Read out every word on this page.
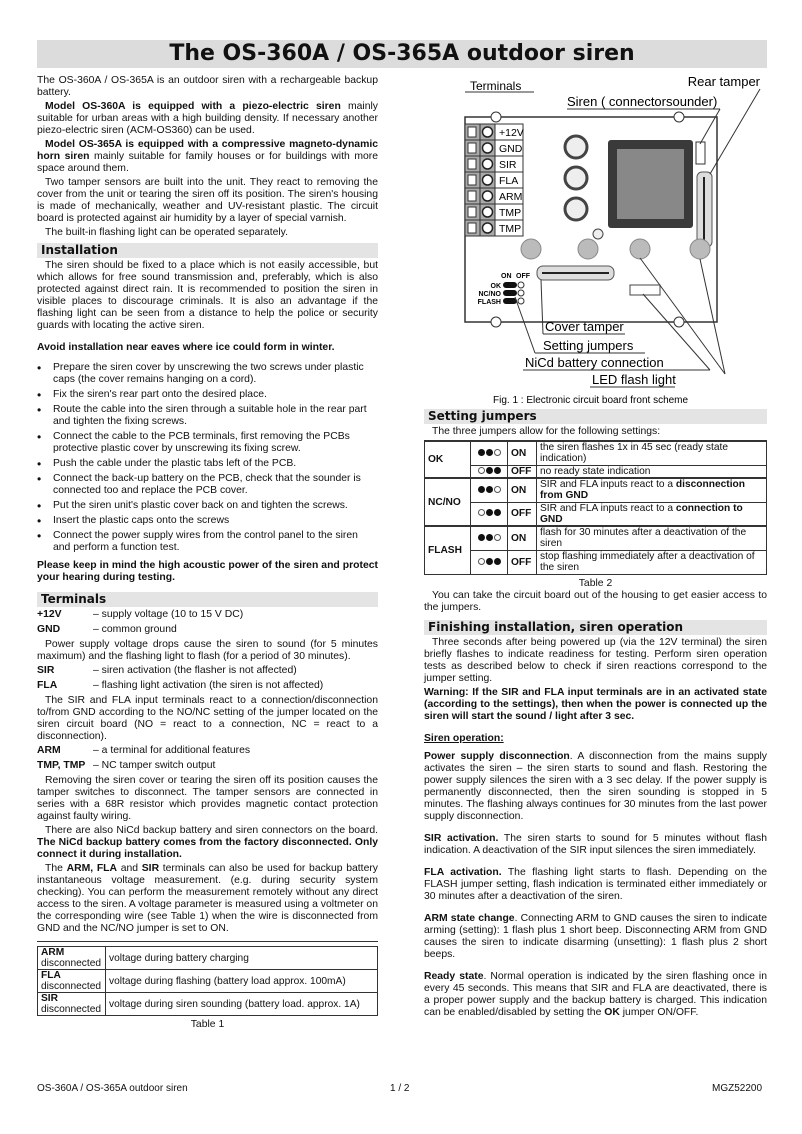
The OS-360A / OS-365A outdoor siren

The OS-360A / OS-365A is an outdoor siren with a rechargeable backup battery.

Model OS-360A is equipped with a piezo-electric siren mainly suitable for urban areas with a high building density. If necessary another piezo-electric siren (ACM-OS360) can be used.

Model OS-365A is equipped with a compressive magneto-dynamic horn siren mainly suitable for family houses or for buildings with more space around them.

Two tamper sensors are built into the unit. They react to removing the cover from the unit or tearing the siren off its position. The siren's housing is made of mechanically, weather and UV-resistant plastic. The circuit board is protected against air humidity by a layer of special varnish.

The built-in flashing light can be operated separately.

Installation

The siren should be fixed to a place which is not easily accessible, but which allows for free sound transmission and, preferably, which is also protected against direct rain. It is recommended to position the siren in visible places to discourage criminals. It is also an advantage if the flashing light can be seen from a distance to help the police or security guards with locating the active siren.

Avoid installation near eaves where ice could form in winter.

• Prepare the siren cover by unscrewing the two screws under plastic caps (the cover remains hanging on a cord).
• Fix the siren's rear part onto the desired place.
• Route the cable into the siren through a suitable hole in the rear part and tighten the fixing screws.
• Connect the cable to the PCB terminals, first removing the PCBs protective plastic cover by unscrewing its fixing screw.
• Push the cable under the plastic tabs left of the PCB.
• Connect the back-up battery on the PCB, check that the sounder is connected too and replace the PCB cover.
• Put the siren unit's plastic cover back on and tighten the screws.
• Insert the plastic caps onto the screws
• Connect the power supply wires from the control panel to the siren and perform a function test.

Please keep in mind the high acoustic power of the siren and protect your hearing during testing.

Terminals
+12V	– supply voltage (10 to 15 V DC)
GND	– common ground

Power supply voltage drops cause the siren to sound (for 5 minutes maximum) and the flashing light to flash (for a period of 30 minutes).

SIR	– siren activation (the flasher is not affected)
FLA	– flashing light activation (the siren is not affected)

The SIR and FLA input terminals react to a connection/disconnection to/from GND according to the NO/NC setting of the jumper located on the siren circuit board (NO = react to a connection, NC = react to a disconnection).

ARM	– a terminal for additional features
TMP, TMP – NC tamper switch output

Removing the siren cover or tearing the siren off its position causes the tamper switches to disconnect. The tamper sensors are connected in series with a 68R resistor which provides magnetic contact protection against faulty wiring.

There are also NiCd backup battery and siren connectors on the board. The NiCd backup battery comes from the factory disconnected. Only connect it during installation.

The ARM, FLA and SIR terminals can also be used for backup battery instantaneous voltage measurement. (e.g. during security system checking). You can perform the measurement remotely without any direct access to the siren. A voltage parameter is measured using a voltmeter on the corresponding wire (see Table 1) when the wire is disconnected from GND and the NC/NO jumper is set to ON.

ARM
disconnected	voltage during battery charging
FLA
disconnected	voltage during flashing (battery load approx. 100mA)
SIR
disconnected	voltage during siren sounding (battery load. approx. 1A)
Table 1
+12V
GND
SIR
FLA
ARM
TMP
TMP
ON OFF
OK
NC/NO
FLASH
Terminals	Rear tamper
Siren ( connectorsounder)
Cover tamper
Setting jumpers
NiCd battery connection
LED flash light
Fig. 1 : Electronic circuit board front scheme
Setting jumpers

The three jumpers allow for the following settings:

OK		ON	the siren flashes 1x in 45 sec (ready state indication)

		OFF	no ready state indication
NC/NO		ON	SIR and FLA inputs react to a disconnection from GND

		OFF	SIR and FLA inputs react to a connection to GND
FLASH		ON	flash for 30 minutes after a deactivation of the siren

		OFF	stop flashing immediately after a deactivation of the siren
Table 2

You can take the circuit board out of the housing to get easier access to the jumpers.

Finishing installation, siren operation

Three seconds after being powered up (via the 12V terminal) the siren briefly flashes to indicate readiness for testing. Perform siren operation tests as described below to check if siren reactions correspond to the jumper setting.

Warning: If the SIR and FLA input terminals are in an activated state (according to the settings), then when the power is connected up the siren will start the sound / light after 3 sec.

Siren operation:

Power supply disconnection. A disconnection from the mains supply activates the siren – the siren starts to sound and flash. Restoring the power supply silences the siren with a 3 sec delay. If the power supply is permanently disconnected, then the siren sounding is stopped in 5 minutes. The flashing always continues for 30 minutes from the last power supply disconnection.

SIR activation. The siren starts to sound for 5 minutes without flash indication. A deactivation of the SIR input silences the siren immediately.

FLA activation. The flashing light starts to flash. Depending on the FLASH jumper setting, flash indication is terminated either immediately or 30 minutes after a deactivation of the siren.

ARM state change. Connecting ARM to GND causes the siren to indicate arming (setting): 1 flash plus 1 short beep. Disconnecting ARM from GND causes the siren to indicate disarming (unsetting): 1 flash plus 2 short beeps.

Ready state. Normal operation is indicated by the siren flashing once in every 45 seconds. This means that SIR and FLA are deactivated, there is a proper power supply and the backup battery is charged. This indication can be enabled/disabled by setting the OK jumper ON/OFF.

OS-360A / OS-365A outdoor siren	1 / 2	MGZ52200
